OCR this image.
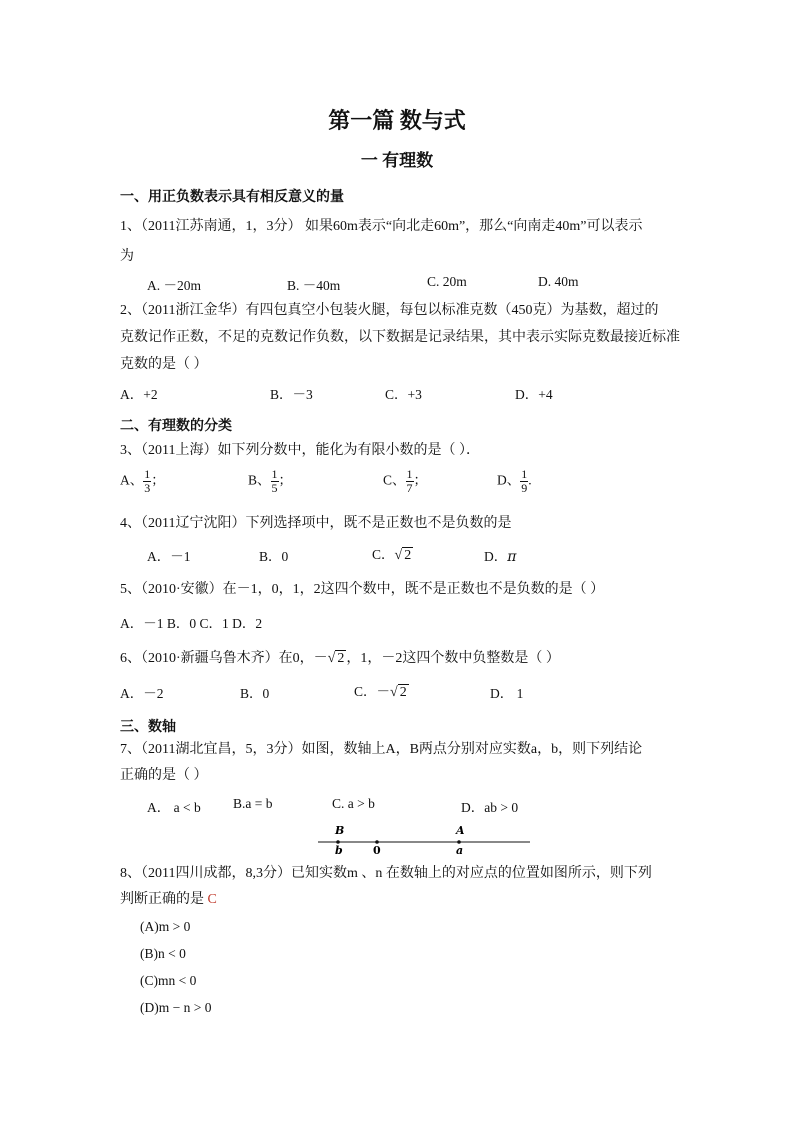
第一篇 数与式
一 有理数
一、用正负数表示具有相反意义的量
1、（2011江苏南通，1，3分） 如果60m表示“向北走60m”，那么“向南走40m”可以表示
为
A. －20m	B. －40m	C. 20m	D. 40m
2、（2011浙江金华）有四包真空小包装火腿，每包以标准克数（450克）为基数，超过的
克数记作正数，不足的克数记作负数，以下数据是记录结果，其中表示实际克数最接近标准
克数的是（ ）
A．+2	B．－3	C．+3	D．+4
二、有理数的分类
3、（2011上海）如下列分数中，能化为有限小数的是（ ）．
A、 $\frac{1}{3}$ ；	B、 $\frac{1}{5}$ ；	C、 $\frac{1}{7}$ ；	D、 $\frac{1}{9}$ .
4、（2011辽宁沈阳）下列选择项中，既不是正数也不是负数的是
A．－1	B．0	C．√ 2	D．π
5、（2010·安徽）在－1，0，1，2这四个数中，既不是正数也不是负数的是（ ）
A．－1 B．0 C．1 D．2
6、（2010·新疆乌鲁木齐）在0，－√ 2 ，1，－2这四个数中负整数是（ ）
A．－2	B．0	C．－√ 2	D． 1
三、数轴
7、（2011湖北宜昌，5，3分）如图，数轴上A，B两点分别对应实数a，b，则下列结论
正确的是（ ）
A． a < b B.a = b	C. a > b	D．ab > 0
B
b	0
A
a
8、（2011四川成都，8,3分）已知实数m 、n 在数轴上的对应点的位置如图所示，则下列
判断正确的是 C
(A)m > 0
(B)n < 0
(C)mn < 0
(D)m − n > 0
